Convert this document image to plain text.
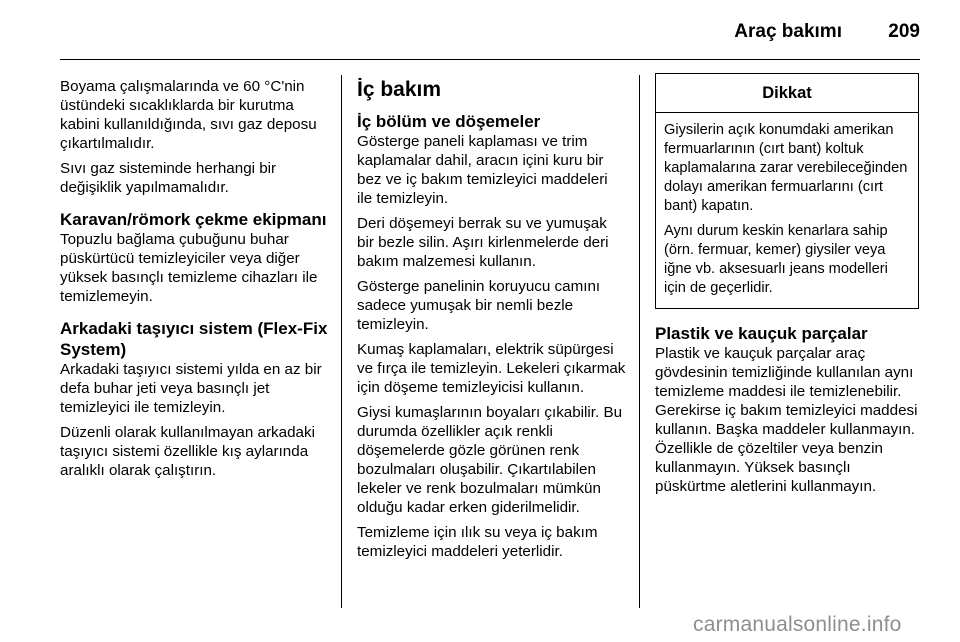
Araç bakımı 209

Boyama çalışmalarında ve 60 °C'nin üstündeki sıcaklıklarda bir kurutma kabini kullanıldığında, sıvı gaz deposu çıkartılmalıdır.

Sıvı gaz sisteminde herhangi bir değişiklik yapılmamalıdır.

Karavan/römork çekme ekipmanı

Topuzlu bağlama çubuğunu buhar püskürtücü temizleyiciler veya diğer yüksek basınçlı temizleme cihazları ile temizlemeyin.

Arkadaki taşıyıcı sistem (Flex-Fix System)

Arkadaki taşıyıcı sistemi yılda en az bir defa buhar jeti veya basınçlı jet temizleyici ile temizleyin.

Düzenli olarak kullanılmayan arkadaki taşıyıcı sistemi özellikle kış aylarında aralıklı olarak çalıştırın.

İç bakım
İç bölüm ve döşemeler

Gösterge paneli kaplaması ve trim kaplamalar dahil, aracın içini kuru bir bez ve iç bakım temizleyici maddeleri ile temizleyin.

Deri döşemeyi berrak su ve yumuşak bir bezle silin. Aşırı kirlenmelerde deri bakım malzemesi kullanın.

Gösterge panelinin koruyucu camını sadece yumuşak bir nemli bezle temizleyin.

Kumaş kaplamaları, elektrik süpürgesi ve fırça ile temizleyin. Lekeleri çıkarmak için döşeme temizleyicisi kullanın.

Giysi kumaşlarının boyaları çıkabilir. Bu durumda özellikler açık renkli döşemelerde gözle görünen renk bozulmaları oluşabilir. Çıkartılabilen lekeler ve renk bozulmaları mümkün olduğu kadar erken giderilmelidir.

Temizleme için ılık su veya iç bakım temizleyici maddeleri yeterlidir.

Dikkat

Giysilerin açık konumdaki amerikan fermuarlarının (cırt bant) koltuk kaplamalarına zarar verebileceğinden dolayı amerikan fermuarlarını (cırt bant) kapatın.

Aynı durum keskin kenarlara sahip (örn. fermuar, kemer) giysiler veya iğne vb. aksesuarlı jeans modelleri için de geçerlidir.

Plastik ve kauçuk parçalar

Plastik ve kauçuk parçalar araç gövdesinin temizliğinde kullanılan aynı temizleme maddesi ile temizlenebilir. Gerekirse iç bakım temizleyici maddesi kullanın. Başka maddeler kullanmayın. Özellikle de çözeltiler veya benzin kullanmayın. Yüksek basınçlı püskürtme aletlerini kullanmayın.

carmanualsonline.info
